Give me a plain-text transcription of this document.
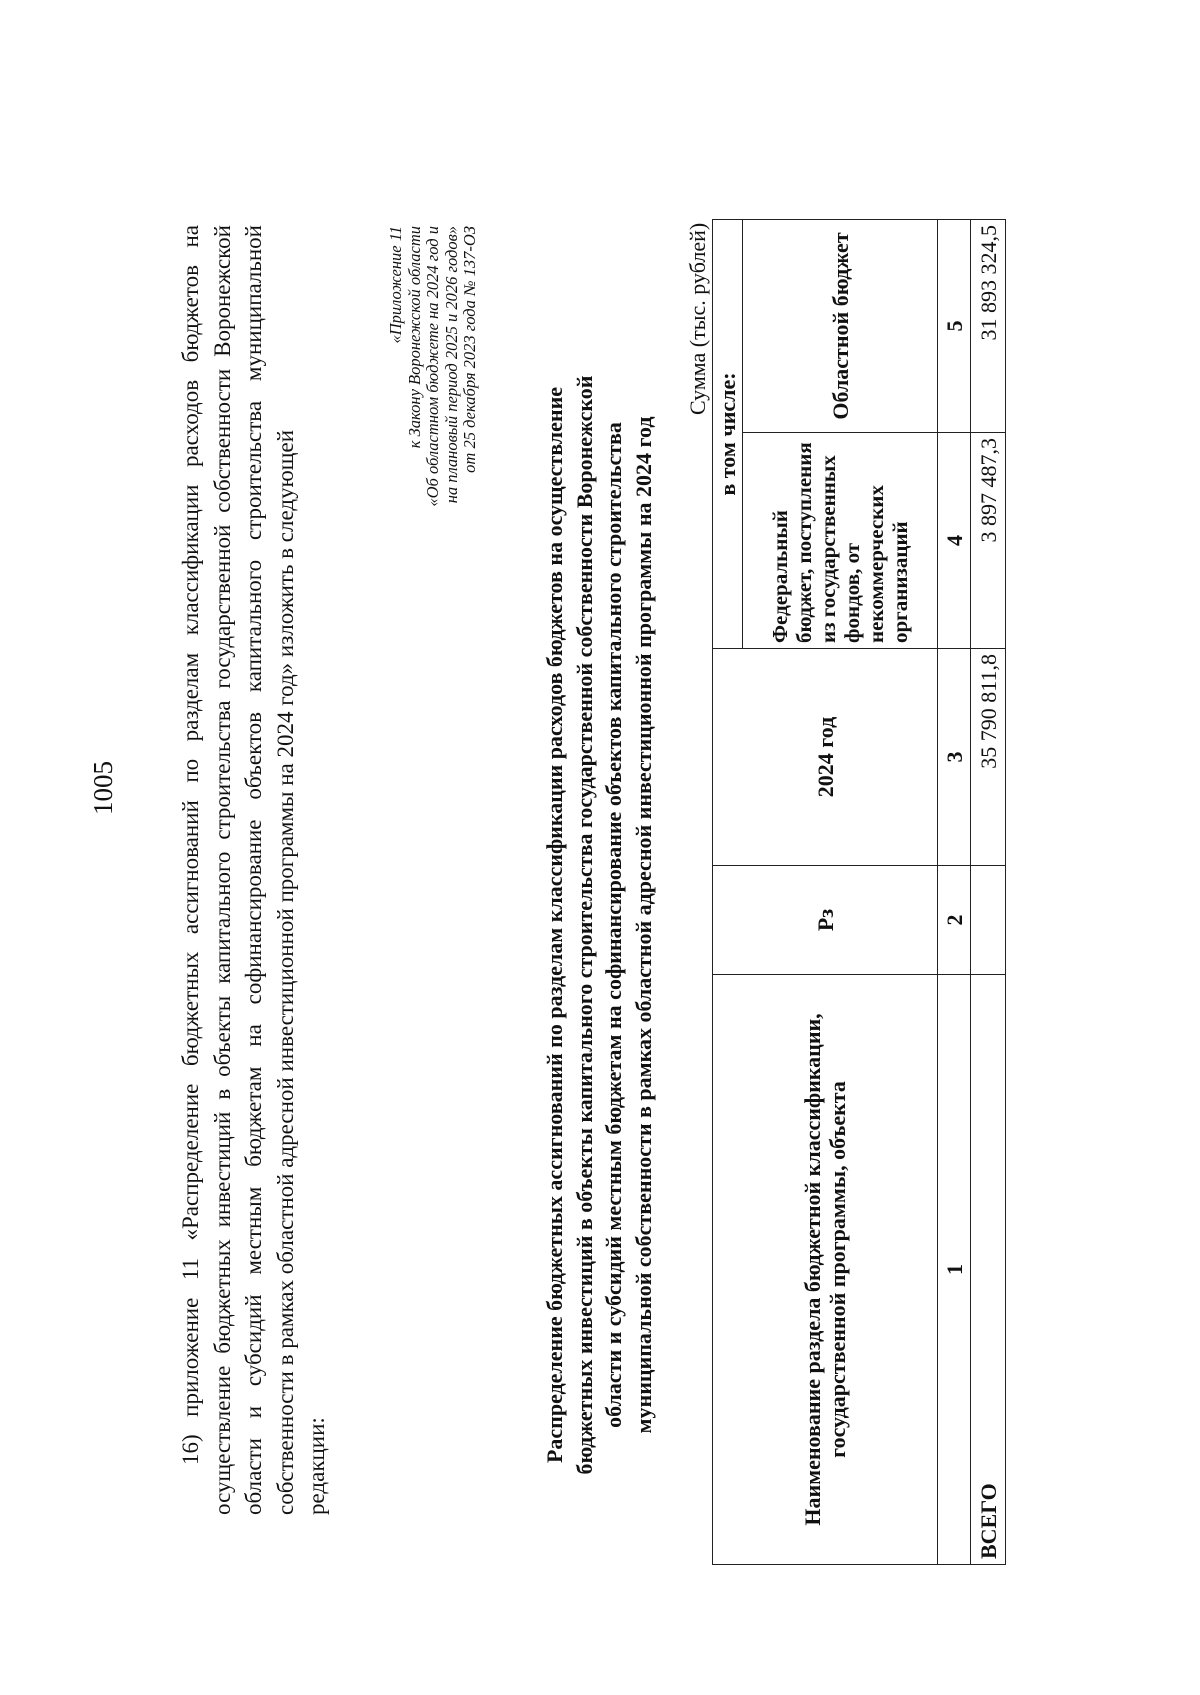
1005	16) приложение 11 «Распределение бюджетных ассигнований по разделам классификации расходов бюджетов на осуществление бюджетных инвестиций в объекты капитального строительства государственной собственности Воронежской области и субсидий местным бюджетам на софинансирование объектов капитального строительства муниципальной собственности в рамках областной адресной инвестиционной программы на 2024 год» изложить в следующей редакции:
«Приложение 11 к Закону Воронежской области «Об областном бюджете на 2024 год и на плановый период 2025 и 2026 годов» от 25 декабря 2023 года № 137-ОЗ
Распределение бюджетных ассигнований по разделам классификации расходов бюджетов на осуществление бюджетных инвестиций в объекты капитального строительства государственной собственности Воронежской области и субсидий местным бюджетам на софинансирование объектов капитального строительства муниципальной собственности в рамках областной адресной инвестиционной программы на 2024 год
Сумма (тыс. рублей)
Наименование раздела бюджетной классификации, государственной программы, объекта	Рз	2024 год	в том числе:	
			Федеральный бюджет, поступления из государственных фондов, от некоммерческих организаций	Областной бюджет
1	2	3	4	5
ВСЕГО		35 790 811,8	3 897 487,3	31 893 324,5
